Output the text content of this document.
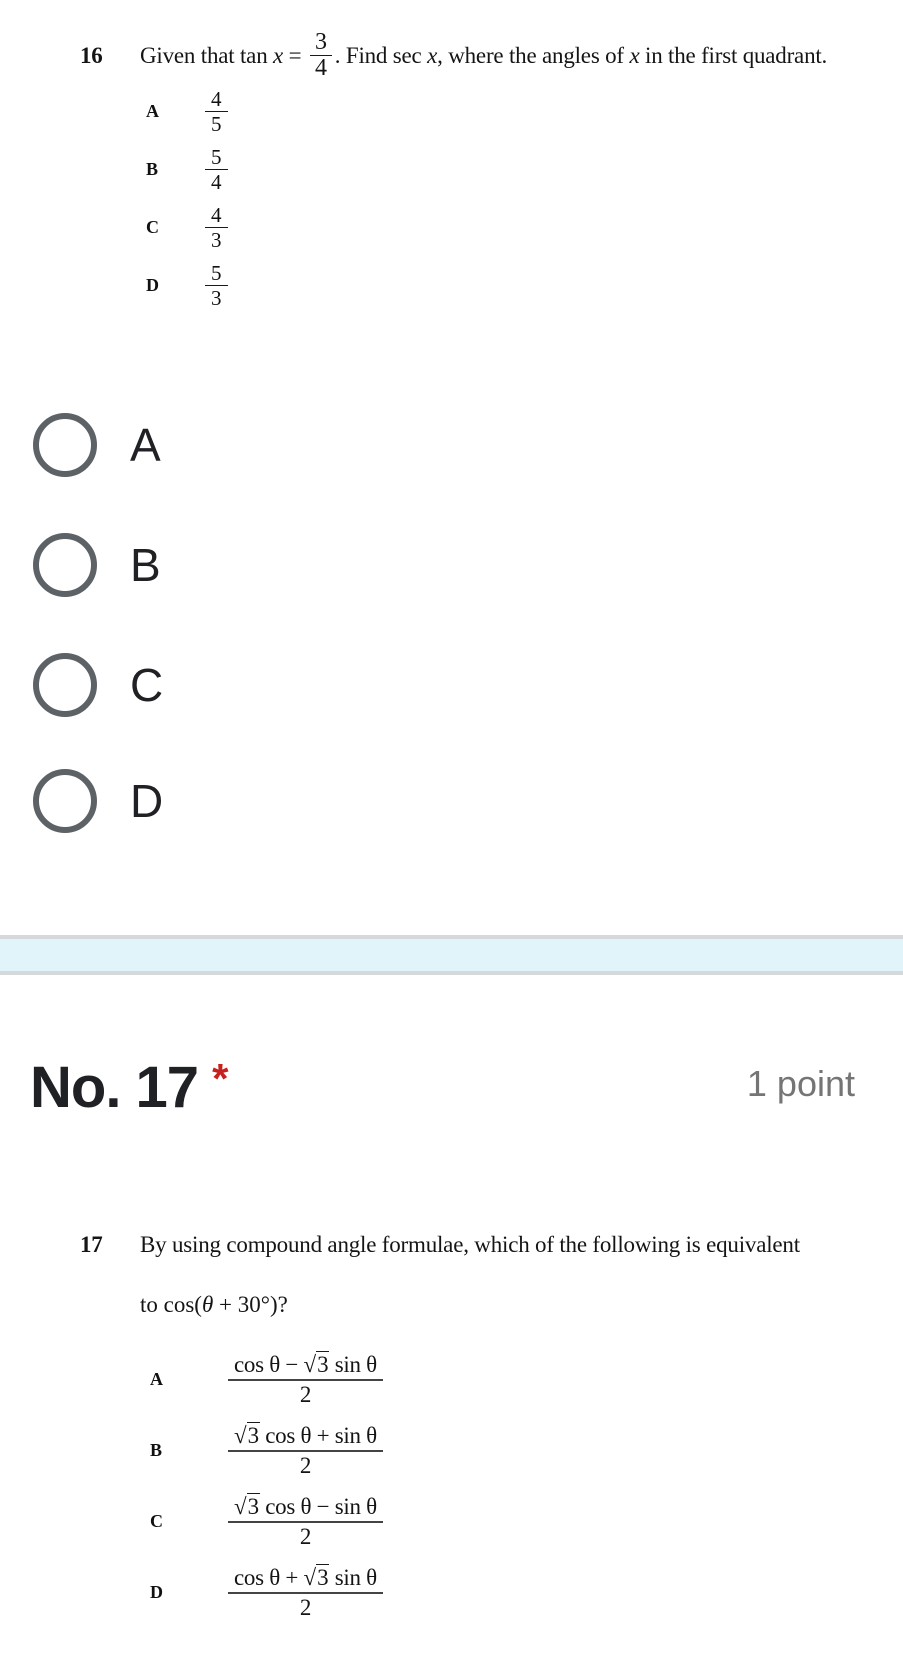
16	Given that $\tan x = \frac{3}{4}$ . Find sec x , where the angles of x in the first quadrant.
A	$\frac{4}{5}$
B	$\frac{5}{4}$
C	$\frac{4}{3}$
D	$\frac{5}{3}$
A
B
C
D
No. 17 *	1 point
17	By using compound angle formulae, which of the following is equivalent
to cos(θ + 30°)?
A	$\frac{\text{cos θ − √3 sin θ}}{2}$
B	$\frac{\text{√3 cos θ + sin θ}}{2}$
C	$\frac{\text{√3 cos θ − sin θ}}{2}$
D	$\frac{\text{cos θ + √3 sin θ}}{2}$
